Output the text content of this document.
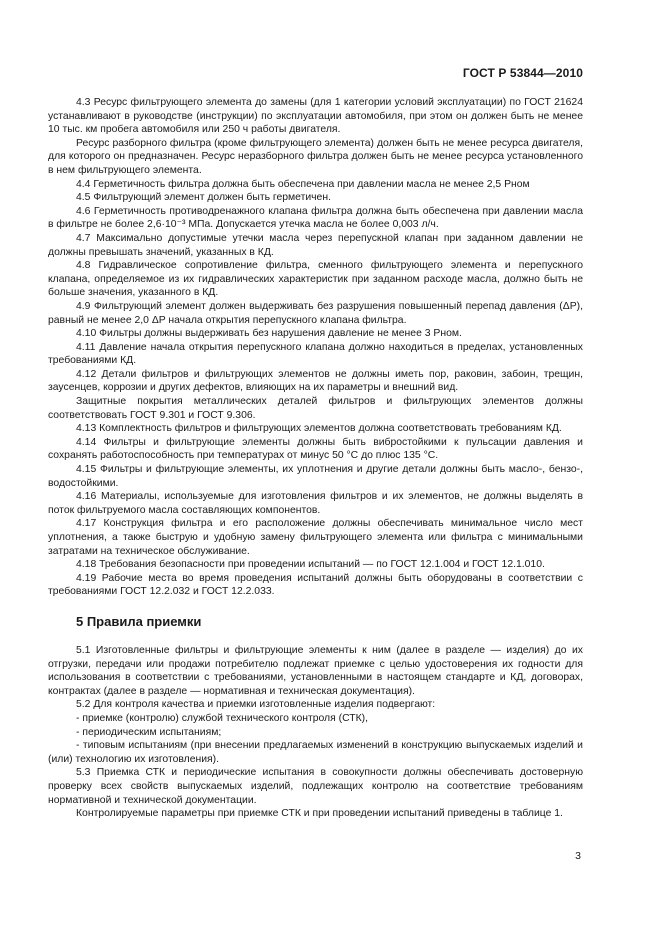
ГОСТ Р 53844—2010

4.3 Ресурс фильтрующего элемента до замены (для 1 категории условий эксплуатации) по ГОСТ 21624 устанавливают в руководстве (инструкции) по эксплуатации автомобиля, при этом он должен быть не менее 10 тыс. км пробега автомобиля или 250 ч работы двигателя.

Ресурс разборного фильтра (кроме фильтрующего элемента) должен быть не менее ресурса двигателя, для которого он предназначен. Ресурс неразборного фильтра должен быть не менее ресурса установленного в нем фильтрующего элемента.

4.4 Герметичность фильтра должна быть обеспечена при давлении масла не менее 2,5 Pном

4.5 Фильтрующий элемент должен быть герметичен.

4.6 Герметичность противодренажного клапана фильтра должна быть обеспечена при давлении масла в фильтре не более 2,6·10⁻³ МПа. Допускается утечка масла не более 0,003 л/ч.

4.7 Максимально допустимые утечки масла через перепускной клапан при заданном давлении не должны превышать значений, указанных в КД.

4.8 Гидравлическое сопротивление фильтра, сменного фильтрующего элемента и перепускного клапана, определяемое из их гидравлических характеристик при заданном расходе масла, должно быть не больше значения, указанного в КД.

4.9 Фильтрующий элемент должен выдерживать без разрушения повышенный перепад давления (ΔP), равный не менее 2,0 ΔP начала открытия перепускного клапана фильтра.

4.10 Фильтры должны выдерживать без нарушения давление не менее 3 Pном.

4.11 Давление начала открытия перепускного клапана должно находиться в пределах, установленных требованиями КД.

4.12 Детали фильтров и фильтрующих элементов не должны иметь пор, раковин, забоин, трещин, заусенцев, коррозии и других дефектов, влияющих на их параметры и внешний вид.

Защитные покрытия металлических деталей фильтров и фильтрующих элементов должны соответствовать ГОСТ 9.301 и ГОСТ 9.306.

4.13 Комплектность фильтров и фильтрующих элементов должна соответствовать требованиям КД.

4.14 Фильтры и фильтрующие элементы должны быть вибростойкими к пульсации давления и сохранять работоспособность при температурах от минус 50 °С до плюс 135 °С.

4.15 Фильтры и фильтрующие элементы, их уплотнения и другие детали должны быть масло-, бензо-, водостойкими.

4.16 Материалы, используемые для изготовления фильтров и их элементов, не должны выделять в поток фильтруемого масла составляющих компонентов.

4.17 Конструкция фильтра и его расположение должны обеспечивать минимальное число мест уплотнения, а также быструю и удобную замену фильтрующего элемента или фильтра с минимальными затратами на техническое обслуживание.

4.18 Требования безопасности при проведении испытаний — по ГОСТ 12.1.004 и ГОСТ 12.1.010.

4.19 Рабочие места во время проведения испытаний должны быть оборудованы в соответствии с требованиями ГОСТ 12.2.032 и ГОСТ 12.2.033.

5 Правила приемки

5.1 Изготовленные фильтры и фильтрующие элементы к ним (далее в разделе — изделия) до их отгрузки, передачи или продажи потребителю подлежат приемке с целью удостоверения их годности для использования в соответствии с требованиями, установленными в настоящем стандарте и КД, договорах, контрактах (далее в разделе — нормативная и техническая документация).

5.2 Для контроля качества и приемки изготовленные изделия подвергают:

- приемке (контролю) службой технического контроля (СТК),

- периодическим испытаниям;

- типовым испытаниям (при внесении предлагаемых изменений в конструкцию выпускаемых изделий и (или) технологию их изготовления).

5.3 Приемка СТК и периодические испытания в совокупности должны обеспечивать достоверную проверку всех свойств выпускаемых изделий, подлежащих контролю на соответствие требованиям нормативной и технической документации.

Контролируемые параметры при приемке СТК и при проведении испытаний приведены в таблице 1.

3
